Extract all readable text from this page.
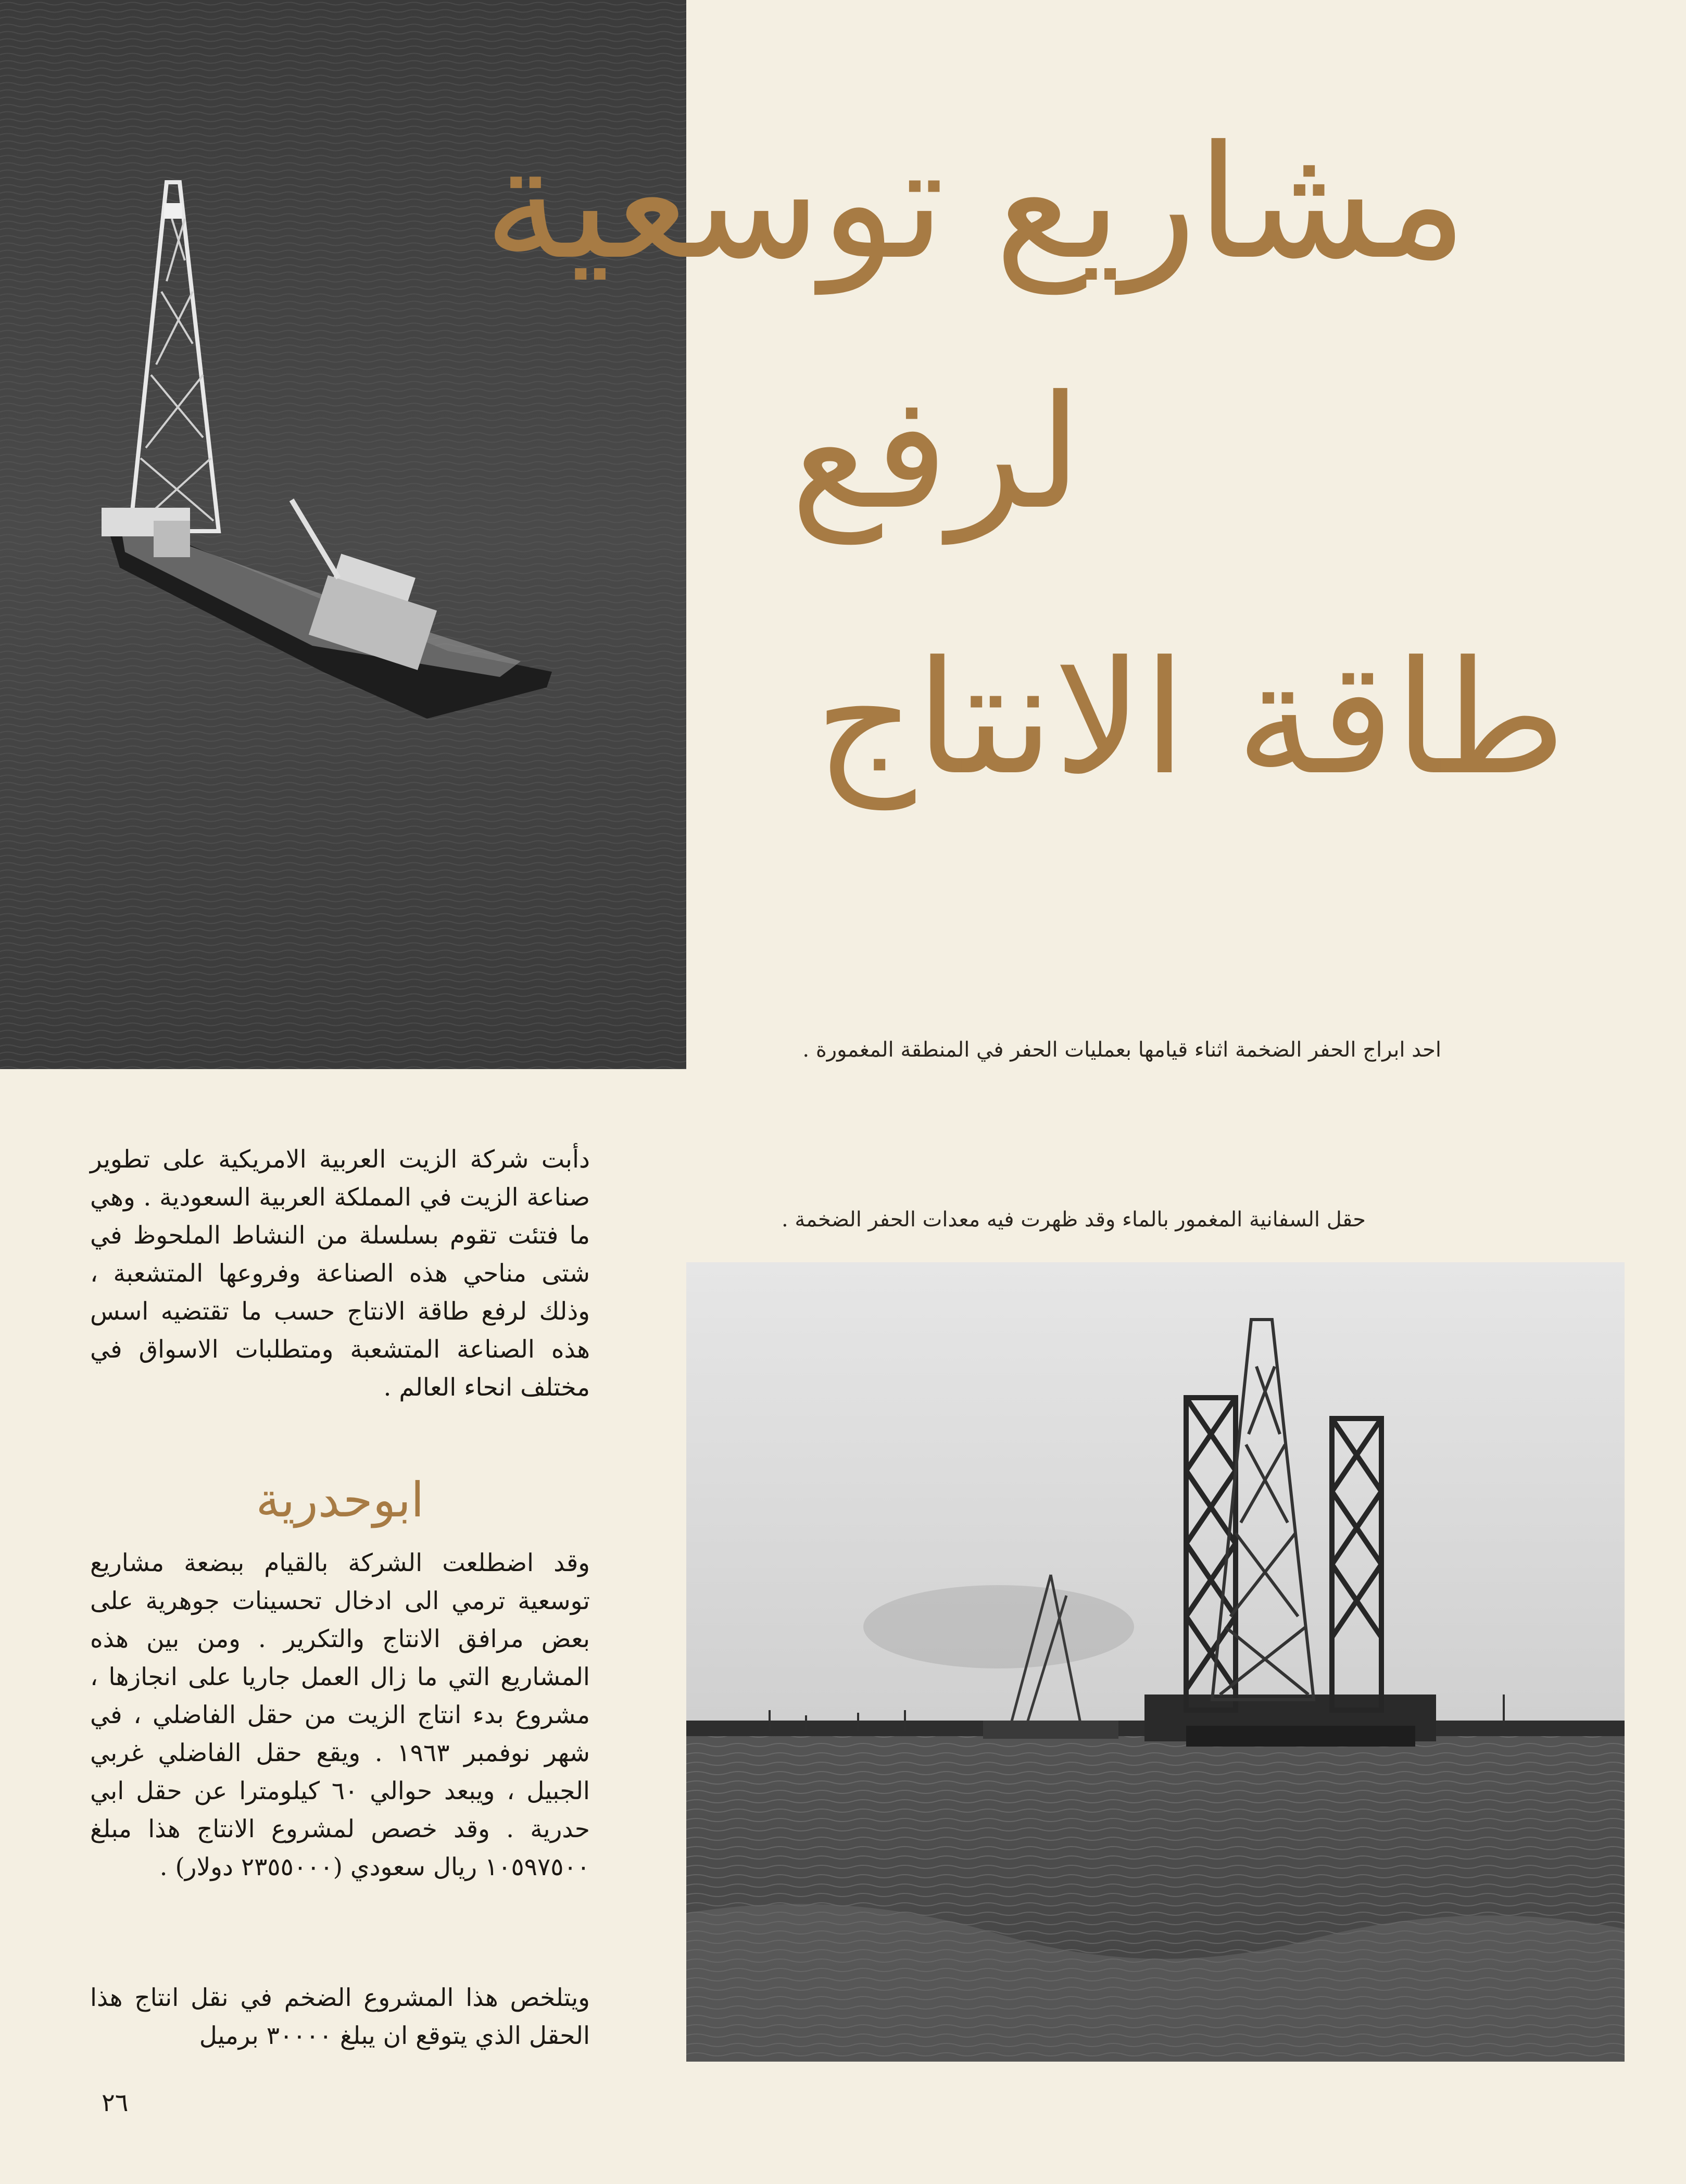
مشاريع توسعية
لرفع
طاقة الانتاج
احد ابراج الحفر الضخمة اثناء قيامها بعمليات الحفر في المنطقة المغمورة .
حقل السفانية المغمور بالماء وقد ظهرت فيه معدات الحفر الضخمة .

دأبت شركة الزيت العربية الامريكية على تطوير صناعة الزيت في المملكة العربية السعودية . وهي ما فتئت تقوم بسلسلة من النشاط الملحوظ في شتى مناحي هذه الصناعة وفروعها المتشعبة ، وذلك لرفع طاقة الانتاج حسب ما تقتضيه اسس هذه الصناعة المتشعبة ومتطلبات الاسواق في مختلف انحاء العالم .

ابوحدرية

وقد اضطلعت الشركة بالقيام ببضعة مشاريع توسعية ترمي الى ادخال تحسينات جوهرية على بعض مرافق الانتاج والتكرير . ومن بين هذه المشاريع التي ما زال العمل جاريا على انجازها ، مشروع بدء انتاج الزيت من حقل الفاضلي ، في شهر نوفمبر ١٩٦٣ . ويقع حقل الفاضلي غربي الجبيل ، ويبعد حوالي ٦٠ كيلومترا عن حقل ابي حدرية . وقد خصص لمشروع الانتاج هذا مبلغ ١٠٥٩٧٥٠٠ ريال سعودي (٢٣٥٥٠٠٠ دولار) .

ويتلخص هذا المشروع الضخم في نقل انتاج هذا الحقل الذي يتوقع ان يبلغ ٣٠٠٠٠ برميل

٢٦
